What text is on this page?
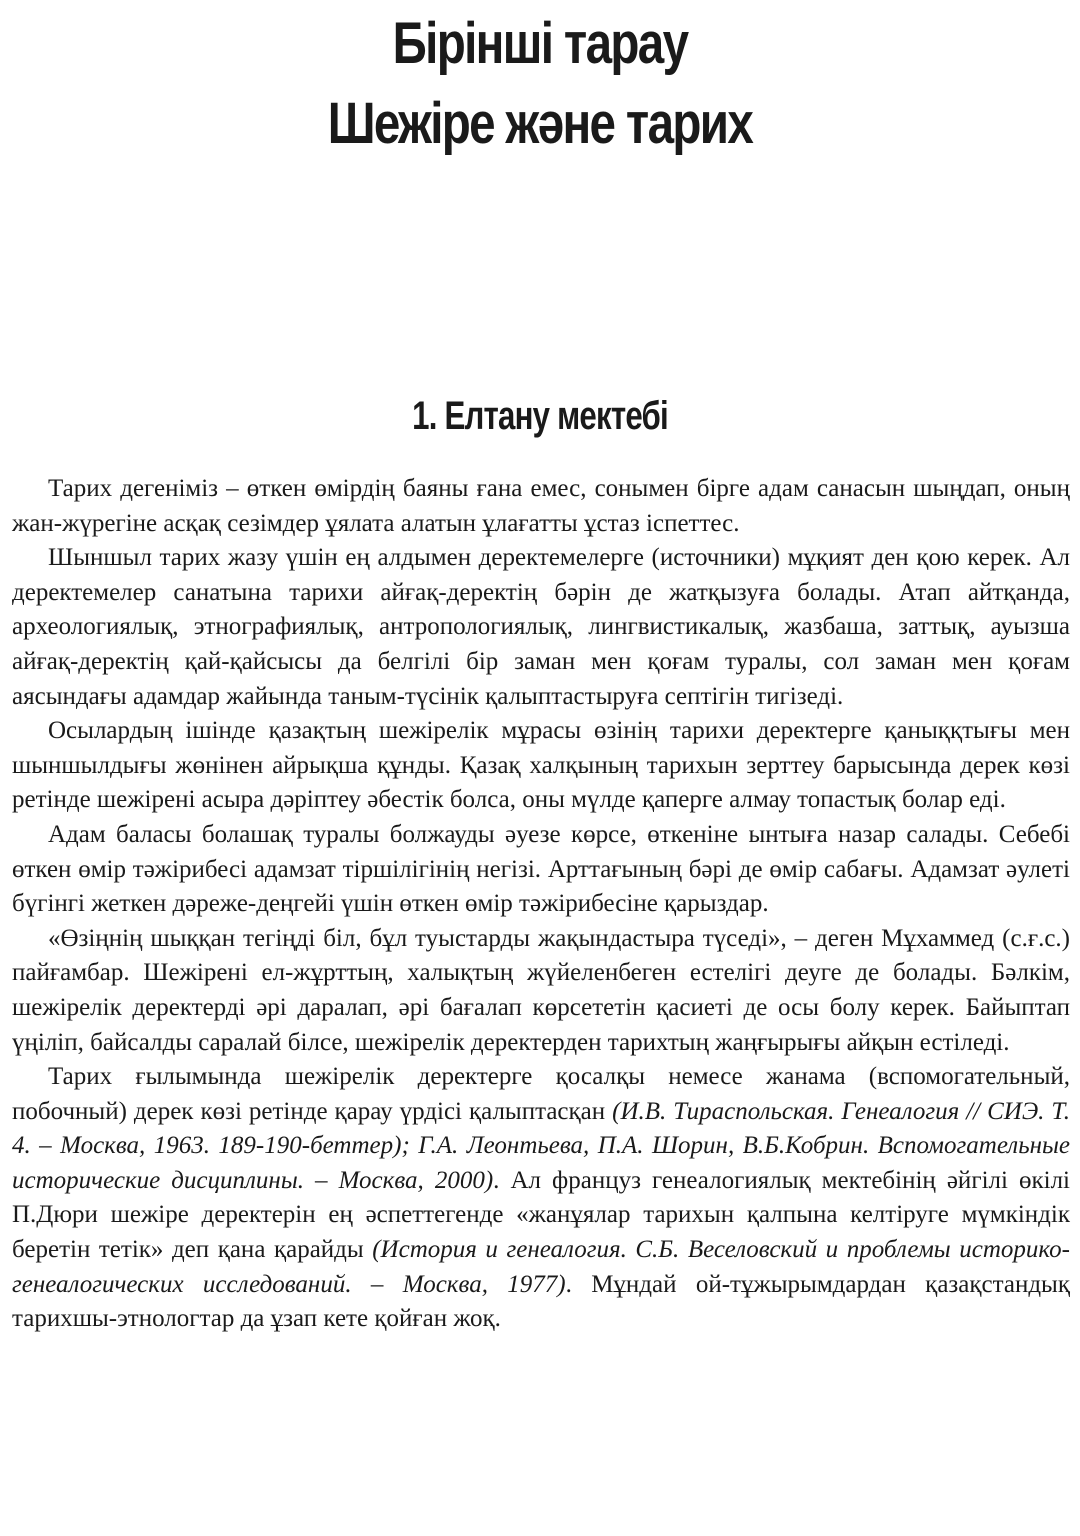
Бірінші тарау
Шежіре және тарих
1. Елтану мектебі

Тарих дегеніміз – өткен өмірдің баяны ғана емес, сонымен бірге адам санасын шыңдап, оның жан-жүрегіне асқақ сезімдер ұялата алатын ұлағатты ұстаз іспеттес.

Шыншыл тарих жазу үшін ең алдымен деректемелерге (источники) мұқият ден қою керек. Ал деректемелер санатына тарихи айғақ-деректің бәрін де жатқызуға болады. Атап айтқанда, археологиялық, этнографиялық, антропологиялық, лингвистикалық, жазбаша, заттық, ауызша айғақ-деректің қай-қайсысы да белгілі бір заман мен қоғам туралы, сол заман мен қоғам аясындағы адамдар жайында таным-түсінік қалыптастыруға септігін тигізеді.

Осылардың ішінде қазақтың шежірелік мұрасы өзінің тарихи деректерге қаныққтығы мен шыншылдығы жөнінен айрықша құнды. Қазақ халқының тарихын зерттеу барысында дерек көзі ретінде шежірені асыра дәріптеу әбестік болса, оны мүлде қаперге алмау топастық болар еді.

Адам баласы болашақ туралы болжауды әуезе көрсе, өткеніне ынтыға назар салады. Себебі өткен өмір тәжірибесі адамзат тіршілігінің негізі. Арттағының бәрі де өмір сабағы. Адамзат әулеті бүгінгі жеткен дәреже-деңгейі үшін өткен өмір тәжірибесіне қарыздар.

«Өзіңнің шыққан тегіңді біл, бұл туыстарды жақындастыра түседі», – деген Мұхаммед (с.ғ.с.) пайғамбар. Шежірені ел-жұрттың, халықтың жүйеленбеген естелігі деуге де болады. Бәлкім, шежірелік деректерді әрі даралап, әрі бағалап көрсететін қасиеті де осы болу керек. Байыптап үңіліп, байсалды саралай білсе, шежірелік деректерден тарихтың жаңғырығы айқын естіледі.

Тарих ғылымында шежірелік деректерге қосалқы немесе жанама (вспомогательный, побочный) дерек көзі ретінде қарау үрдісі қалыптасқан (И.В. Тираспольская. Генеалогия // СИЭ. Т. 4. – Москва, 1963. 189-190-беттер); Г.А. Леонтьева, П.А. Шорин, В.Б.Кобрин. Вспомогательные исторические дисциплины. – Москва, 2000). Ал француз генеалогиялық мектебінің әйгілі өкілі П.Дюри шежіре деректерін ең әспеттегенде «жанұялар тарихын қалпына келтіруге мүмкіндік беретін тетік» деп қана қарайды (История и генеалогия. С.Б. Веселовский и проблемы историко-генеалогических исследований. – Москва, 1977). Мұндай ой-тұжырымдардан қазақстандық тарихшы-этнологтар да ұзап кете қойған жоқ.
